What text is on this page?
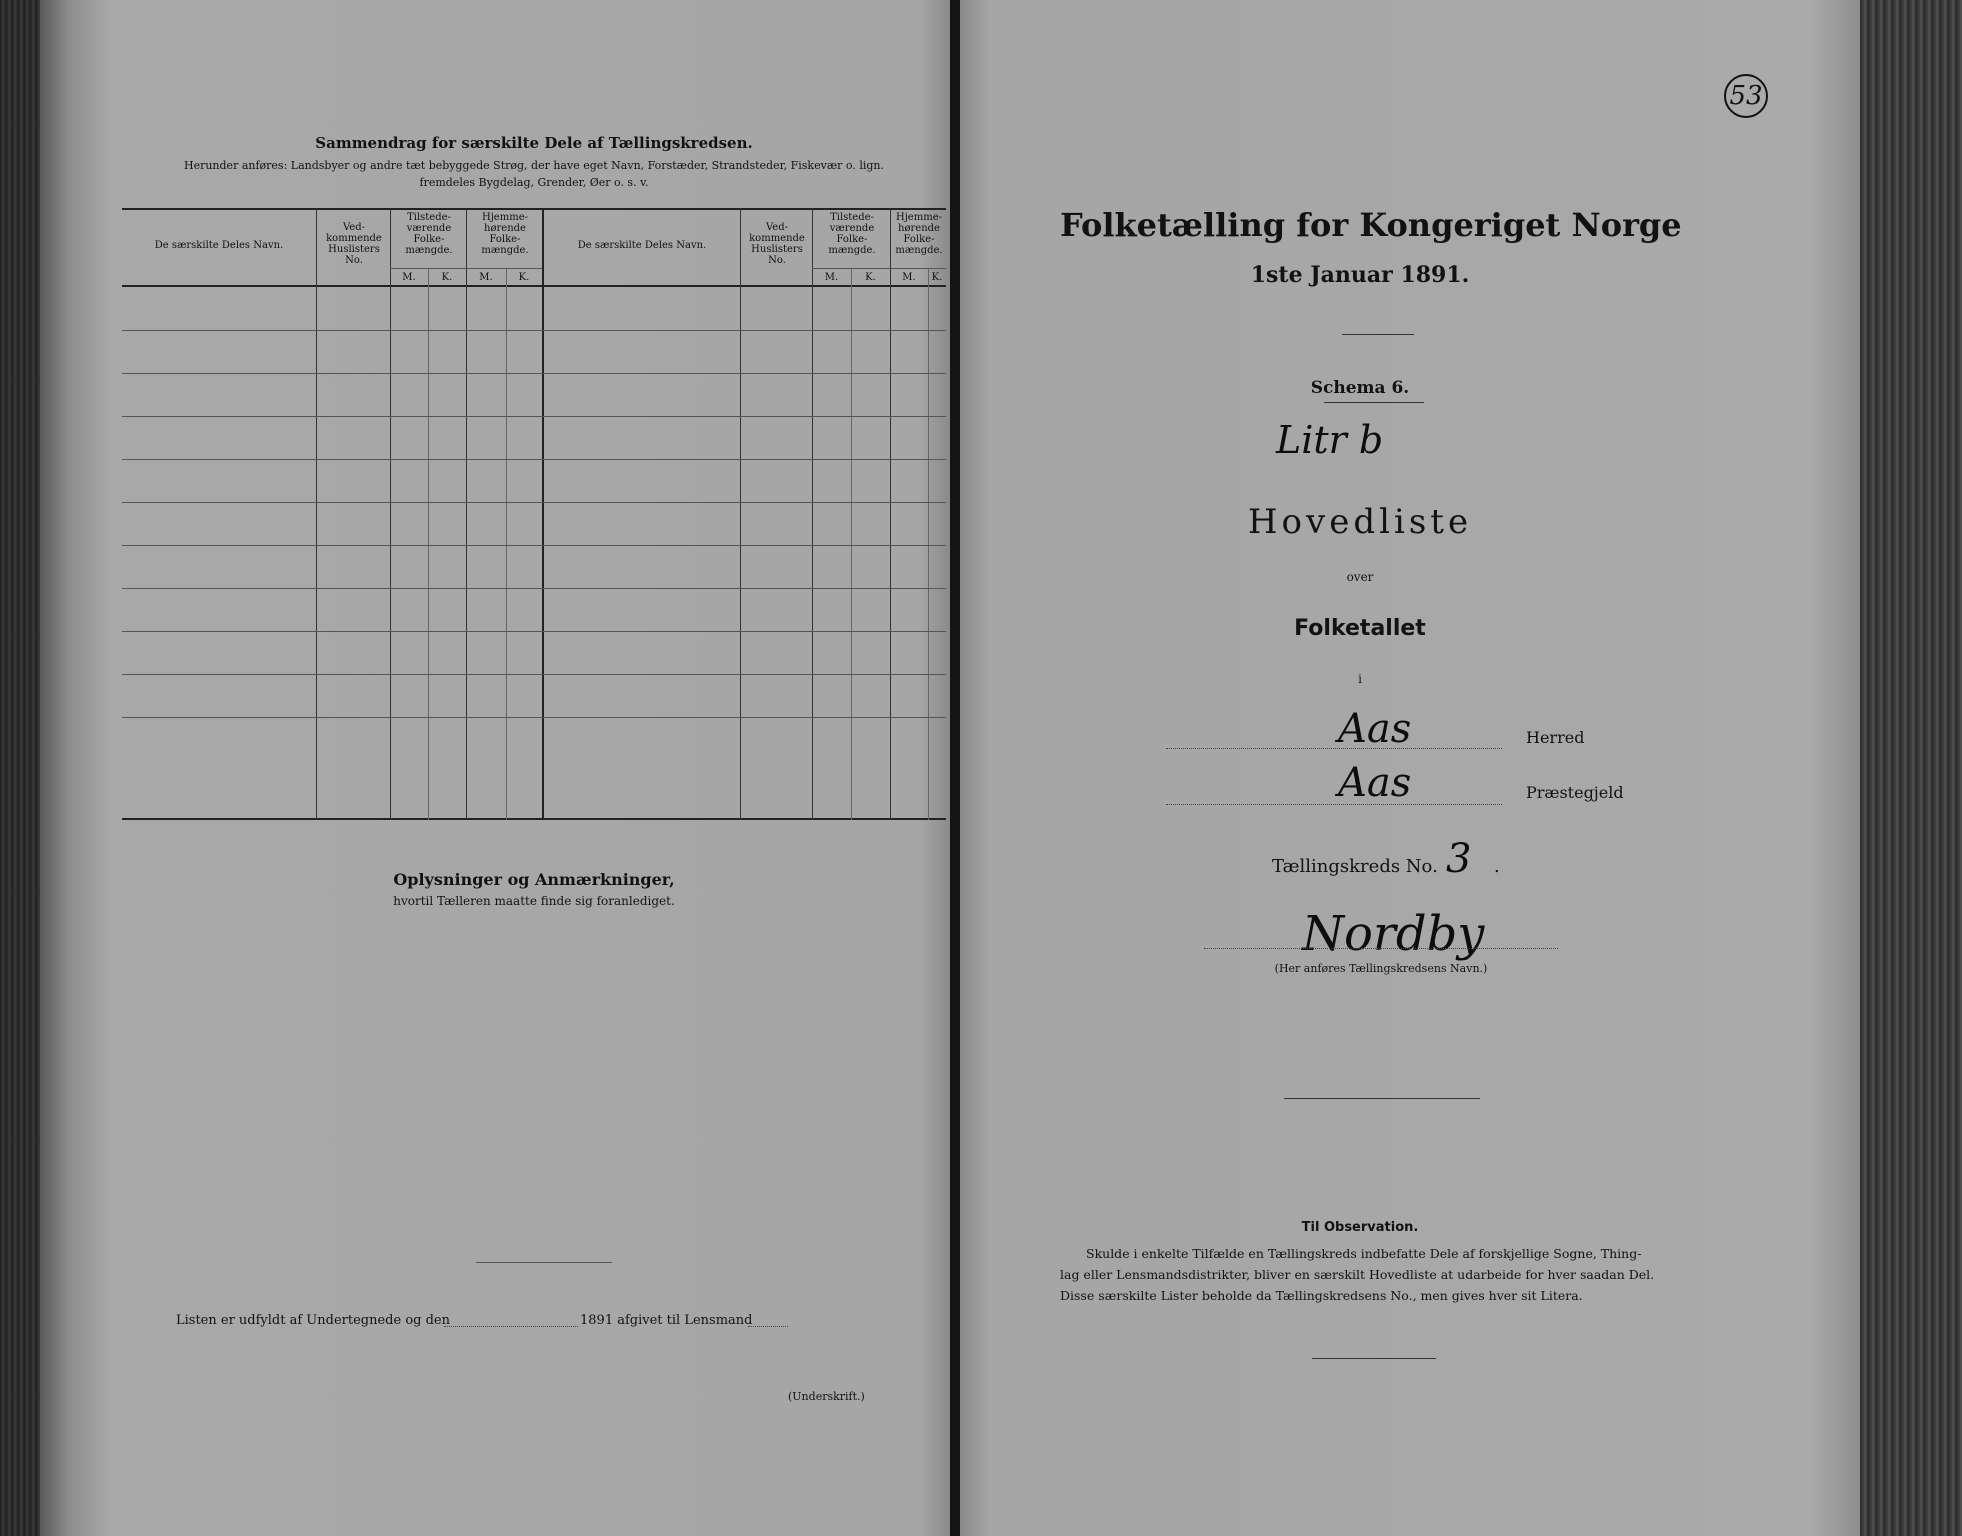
Sammendrag for særskilte Dele af Tællingskredsen.
Herunder anføres: Landsbyer og andre tæt bebyggede Strøg, der have eget Navn, Forstæder, Strandsteder, Fiskevær o. lign.
fremdeles Bygdelag, Grender, Øer o. s. v.
De særskilte Deles Navn.
Ved-kommende Huslisters No.
Tilstede-værende Folke-mængde.
Hjemme-hørende Folke-mængde.
M.	K.	M.	K.
De særskilte Deles Navn.
Ved-kommende Huslisters No.
Tilstede-værende Folke-mængde.
Hjemme-hørende Folke-mængde.
M.	K.	M.	K.
Oplysninger og Anmærkninger,
hvortil Tælleren maatte finde sig foranlediget.
Listen er udfyldt af Undertegnede og den	1891 afgivet til Lensmand
(Underskrift.)
53
Folketælling for Kongeriget Norge
1ste Januar 1891.
Schema 6.
Litr b
Hovedliste
over
Folketallet
i
Aas	Herred
Aas	Præstegjeld
Tællingskreds No. 3 .
Nordby
(Her anføres Tællingskredsens Navn.)
Til Observation.
Skulde i enkelte Tilfælde en Tællingskreds indbefatte Dele af forskjellige Sogne, Thing-
lag eller Lensmandsdistrikter, bliver en særskilt Hovedliste at udarbeide for hver saadan Del.
Disse særskilte Lister beholde da Tællingskredsens No., men gives hver sit Litera.
